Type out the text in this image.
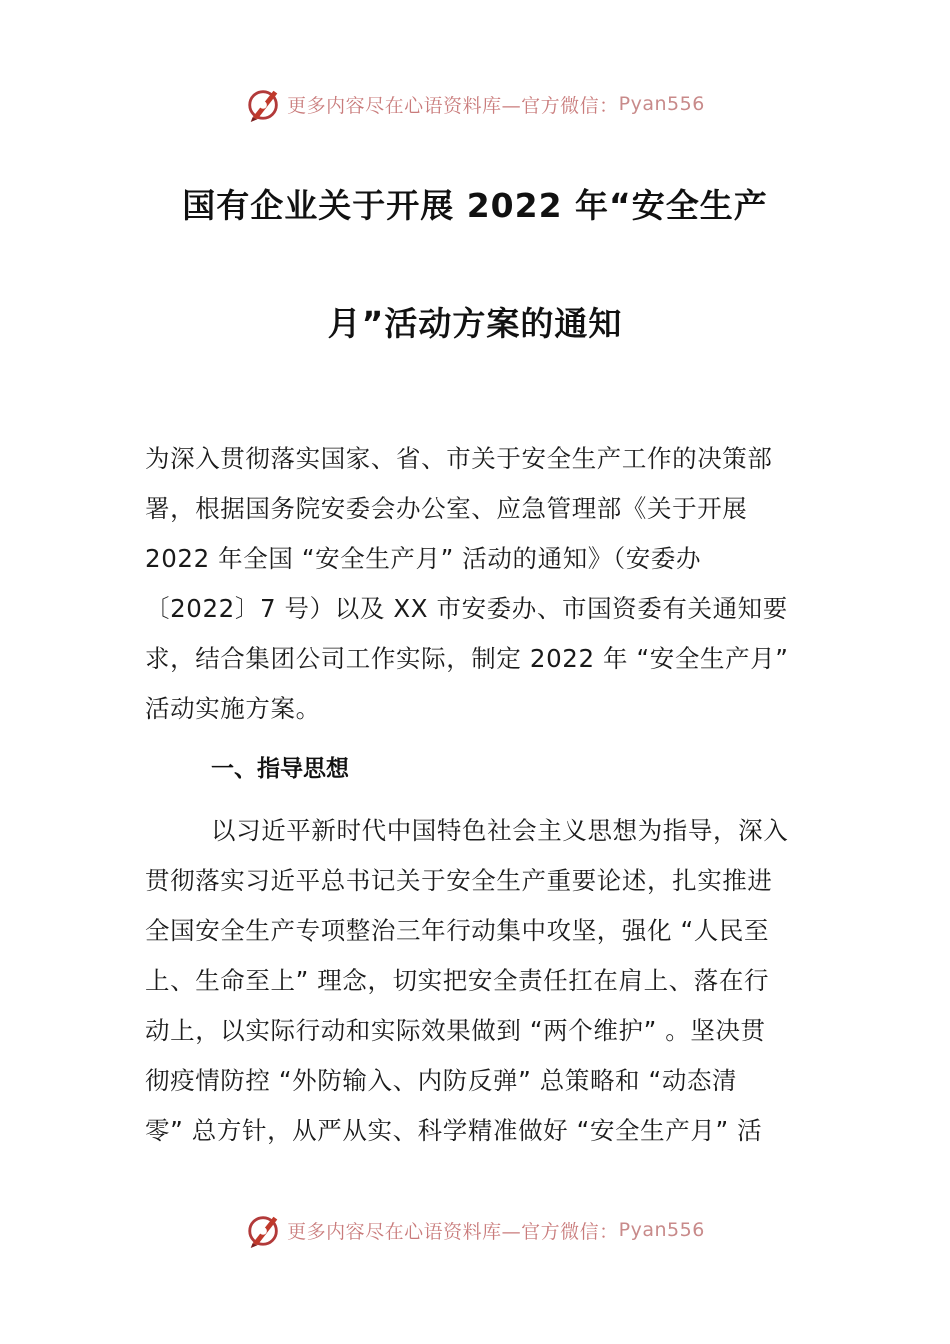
更多内容尽在心语资料库—官方微信： Pyan556
国有企业关于开展 2022 年“安全生产
月”活动方案的通知
为深入贯彻落实国家、省、市关于安全生产工作的决策部
署，根据国务院安委会办公室、应急管理部《关于开展
2022 年全国 “安全生产月” 活动的通知》（安委办
〔2022〕7 号）以及 XX 市安委办、市国资委有关通知要
求，结合集团公司工作实际，制定 2022 年 “安全生产月”
活动实施方案。
一、指导思想
以习近平新时代中国特色社会主义思想为指导，深入
贯彻落实习近平总书记关于安全生产重要论述，扎实推进
全国安全生产专项整治三年行动集中攻坚，强化 “人民至
上、生命至上” 理念，切实把安全责任扛在肩上、落在行
动上，以实际行动和实际效果做到 “两个维护” 。坚决贯
彻疫情防控 “外防输入、内防反弹” 总策略和 “动态清
零” 总方针，从严从实、科学精准做好 “安全生产月” 活
更多内容尽在心语资料库—官方微信： Pyan556
